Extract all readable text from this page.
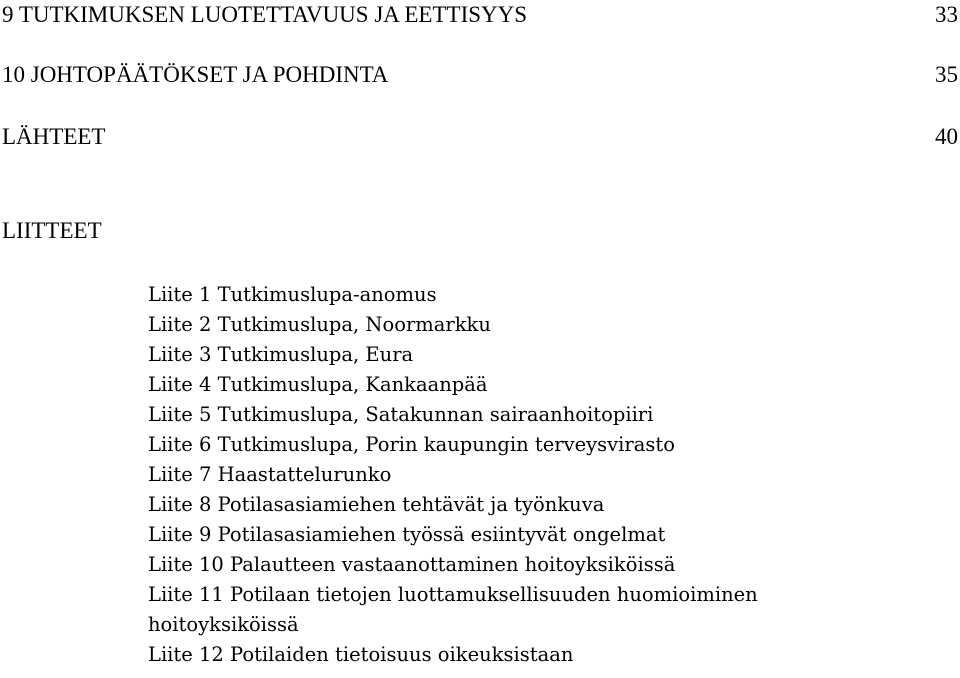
9 TUTKIMUKSEN LUOTETTAVUUS JA EETTISYYS	33
10 JOHTOPÄÄTÖKSET JA POHDINTA	35
LÄHTEET	40
LIITTEET
Liite 1 Tutkimuslupa-anomus
Liite 2 Tutkimuslupa, Noormarkku
Liite 3 Tutkimuslupa, Eura
Liite 4 Tutkimuslupa, Kankaanpää
Liite 5 Tutkimuslupa, Satakunnan sairaanhoitopiiri
Liite 6 Tutkimuslupa, Porin kaupungin terveysvirasto
Liite 7 Haastattelurunko
Liite 8 Potilasasiamiehen tehtävät ja työnkuva
Liite 9 Potilasasiamiehen työssä esiintyvät ongelmat
Liite 10 Palautteen vastaanottaminen hoitoyksiköissä
Liite 11 Potilaan tietojen luottamuksellisuuden huomioiminen
hoitoyksiköissä
Liite 12 Potilaiden tietoisuus oikeuksistaan
